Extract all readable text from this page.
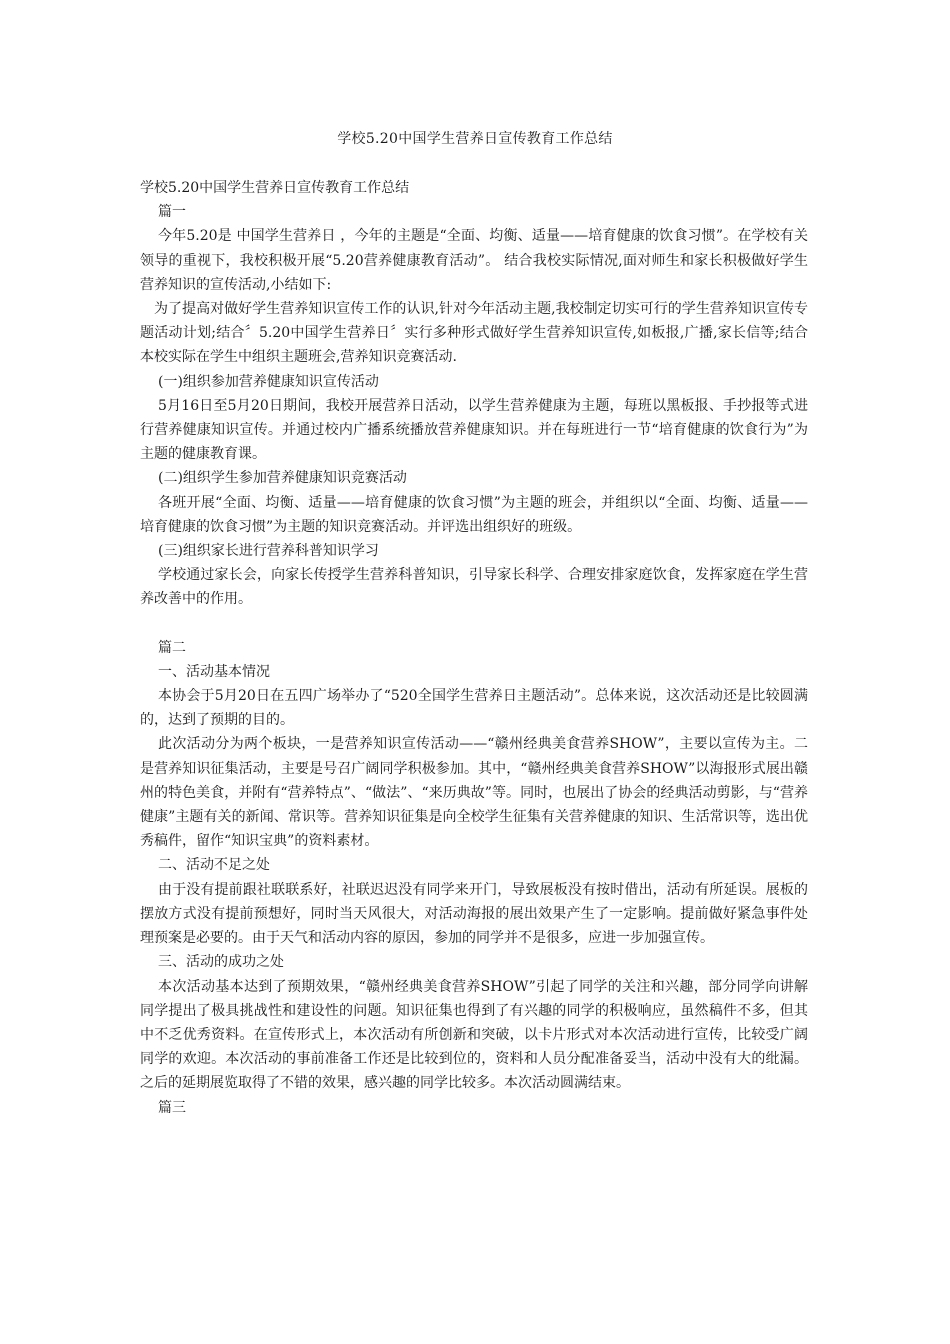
学校5.20中国学生营养日宣传教育工作总结

学校5.20中国学生营养日宣传教育工作总结

篇一

今年5.20是 中国学生营养日 ，今年的主题是“全面、均衡、适量——培育健康的饮食习惯”。在学校有关领导的重视下，我校积极开展“5.20营养健康教育活动”。 结合我校实际情况,面对师生和家长积极做好学生营养知识的宣传活动,小结如下:

为了提高对做好学生营养知识宣传工作的认识,针对今年活动主题,我校制定切实可行的学生营养知识宣传专题活动计划;结合〞5.20中国学生营养日〞实行多种形式做好学生营养知识宣传,如板报,广播,家长信等;结合本校实际在学生中组织主题班会,营养知识竞赛活动.

(一)组织参加营养健康知识宣传活动

5月16日至5月20日期间，我校开展营养日活动，以学生营养健康为主题，每班以黑板报、手抄报等式进行营养健康知识宣传。并通过校内广播系统播放营养健康知识。并在每班进行一节“培育健康的饮食行为”为主题的健康教育课。

(二)组织学生参加营养健康知识竞赛活动

各班开展“全面、均衡、适量——培育健康的饮食习惯”为主题的班会，并组织以“全面、均衡、适量——培育健康的饮食习惯”为主题的知识竞赛活动。并评选出组织好的班级。

(三)组织家长进行营养科普知识学习

学校通过家长会，向家长传授学生营养科普知识，引导家长科学、合理安排家庭饮食，发挥家庭在学生营养改善中的作用。

篇二

一、活动基本情况

本协会于5月20日在五四广场举办了“520全国学生营养日主题活动”。总体来说，这次活动还是比较圆满的，达到了预期的目的。

此次活动分为两个板块，一是营养知识宣传活动——“赣州经典美食营养SHOW”，主要以宣传为主。二是营养知识征集活动，主要是号召广阔同学积极参加。其中，“赣州经典美食营养SHOW”以海报形式展出赣州的特色美食，并附有“营养特点”、“做法”、“来历典故”等。同时，也展出了协会的经典活动剪影，与“营养健康”主题有关的新闻、常识等。营养知识征集是向全校学生征集有关营养健康的知识、生活常识等，选出优秀稿件，留作“知识宝典”的资料素材。

二、活动不足之处

由于没有提前跟社联联系好，社联迟迟没有同学来开门，导致展板没有按时借出，活动有所延误。展板的摆放方式没有提前预想好，同时当天风很大，对活动海报的展出效果产生了一定影响。提前做好紧急事件处理预案是必要的。由于天气和活动内容的原因，参加的同学并不是很多，应进一步加强宣传。

三、活动的成功之处

本次活动基本达到了预期效果，“赣州经典美食营养SHOW”引起了同学的关注和兴趣，部分同学向讲解同学提出了极具挑战性和建设性的问题。知识征集也得到了有兴趣的同学的积极响应，虽然稿件不多，但其中不乏优秀资料。在宣传形式上，本次活动有所创新和突破，以卡片形式对本次活动进行宣传，比较受广阔同学的欢迎。本次活动的事前准备工作还是比较到位的，资料和人员分配准备妥当，活动中没有大的纰漏。之后的延期展览取得了不错的效果，感兴趣的同学比较多。本次活动圆满结束。

篇三
